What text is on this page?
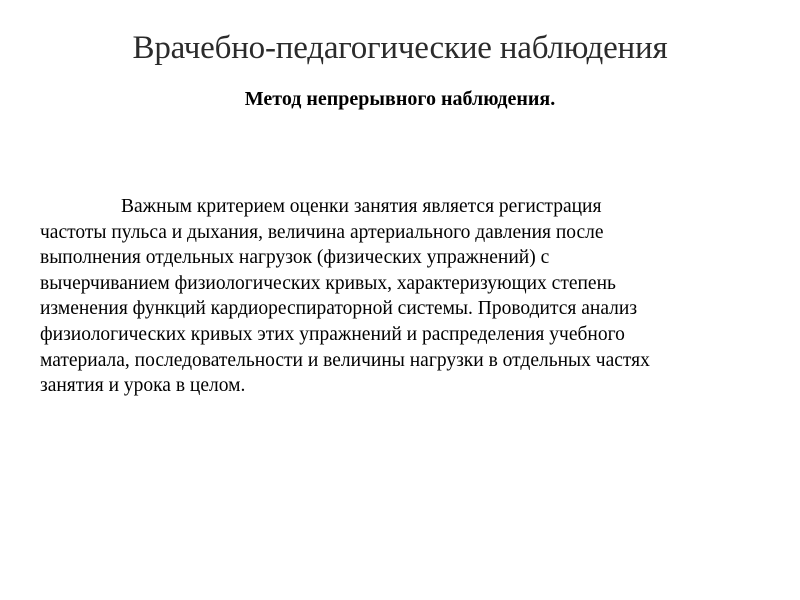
Врачебно-педагогические наблюдения
Метод непрерывного наблюдения.

Важным критерием оценки занятия является регистрация
частоты пульса и дыхания, величина артериального давления после
выполнения отдельных нагрузок (физических упражнений) с
вычерчиванием физиологических кривых, характеризующих степень
изменения функций кардиореспираторной системы. Проводится анализ
физиологических кривых этих упражнений и распределения учебного
материала, последовательности и величины нагрузки в отдельных частях
занятия и урока в целом.
